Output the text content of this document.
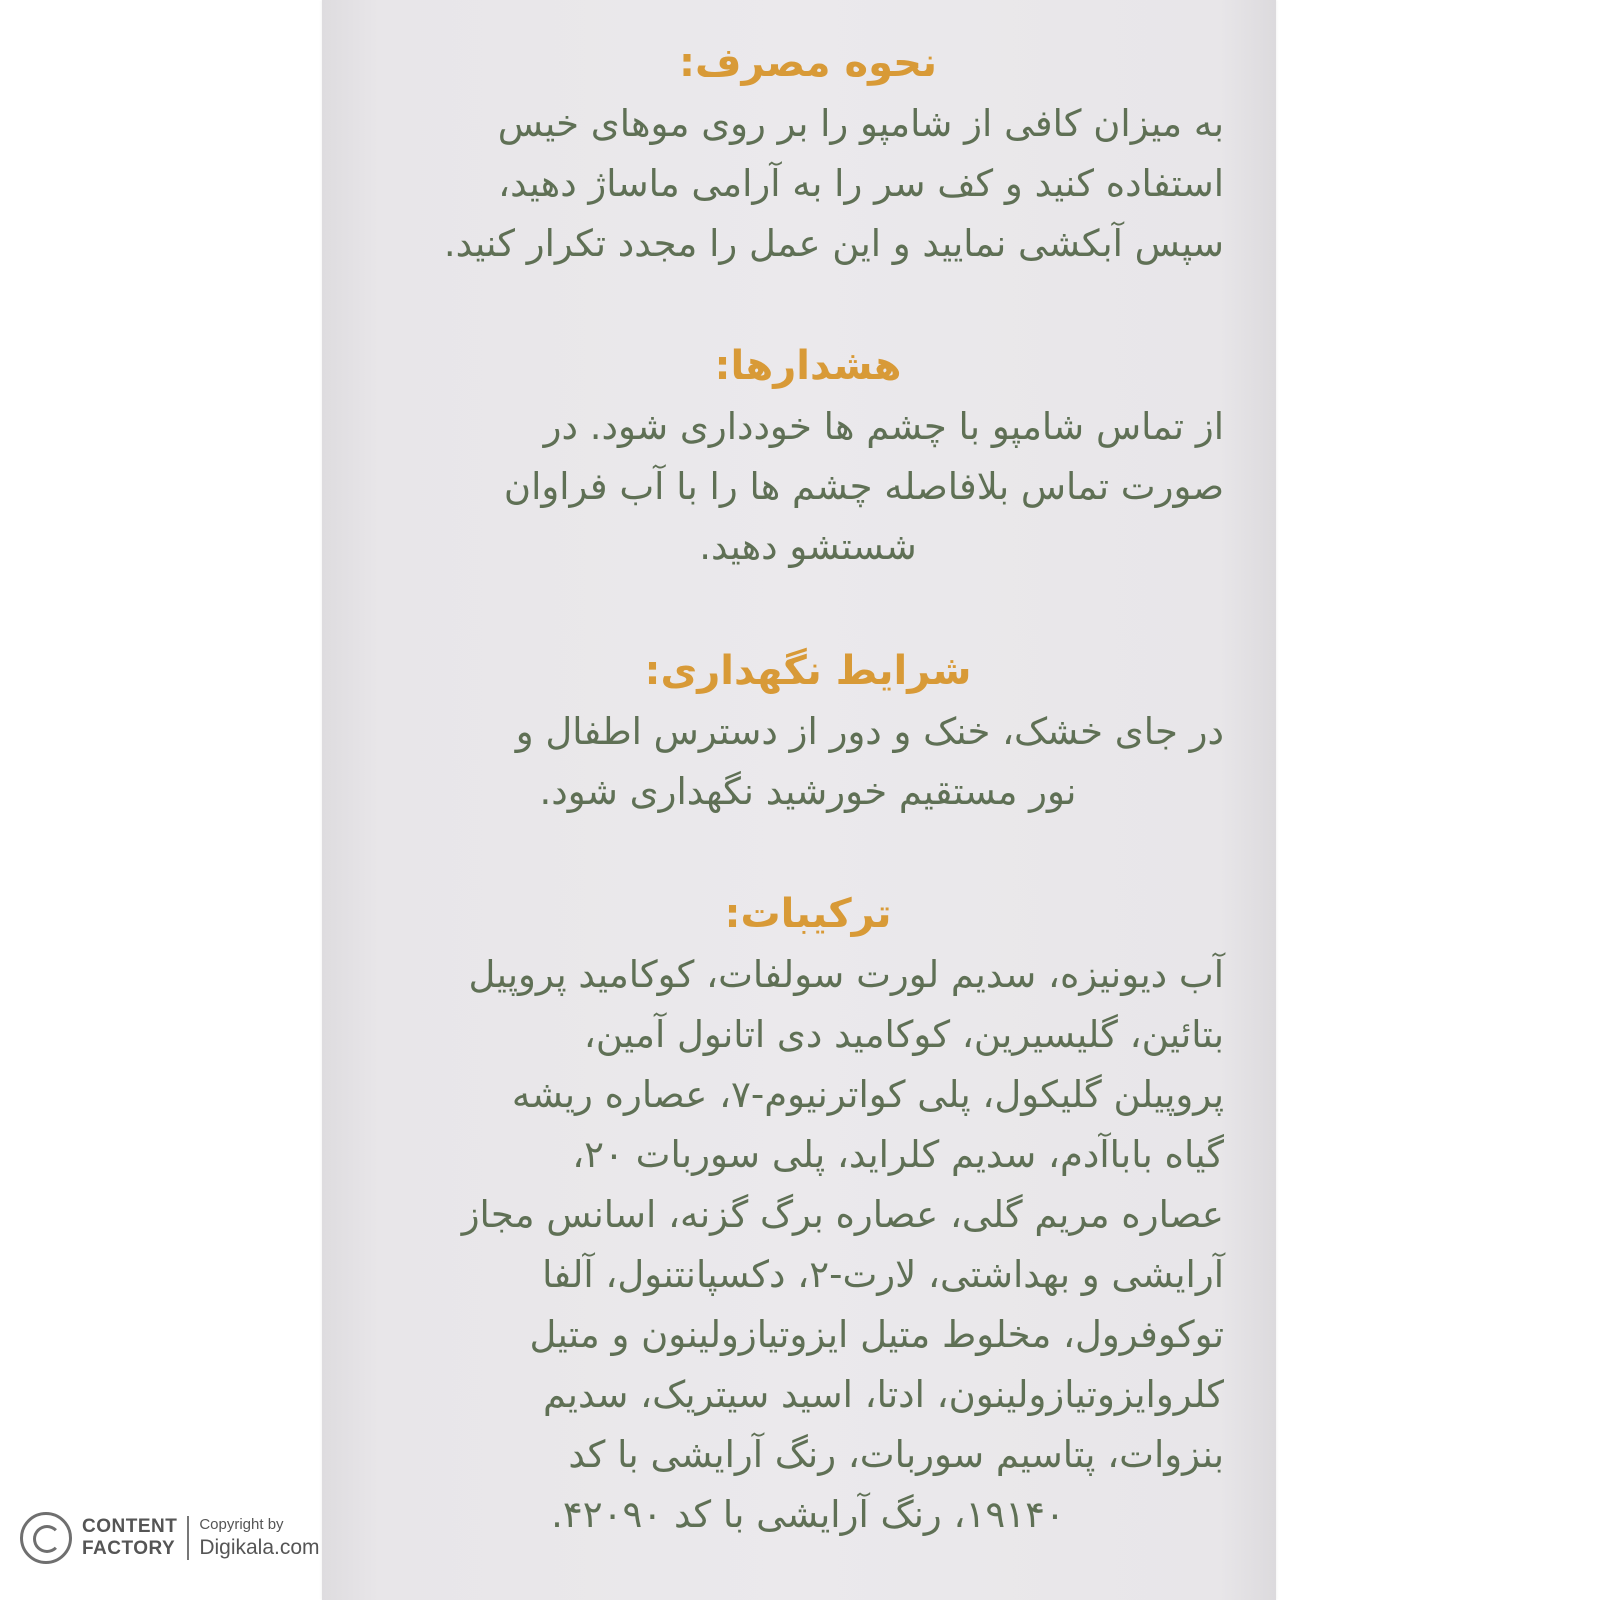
نحوه مصرف:

به میزان کافی از شامپو را بر روی موهای خیس
استفاده کنید و کف سر را به آرامی ماساژ دهید،
سپس آبکشی نمایید و این عمل را مجدد تکرار کنید.

هشدارها:

از تماس شامپو با چشم ها خودداری شود. در
صورت تماس بلافاصله چشم ها را با آب فراوان

شستشو دهید.

شرایط نگهداری:

در جای خشک، خنک و دور از دسترس اطفال و

نور مستقیم خورشید نگهداری شود.

ترکیبات:

آب دیونیزه، سدیم لورت سولفات، کوکامید پروپیل
بتائین، گلیسیرین، کوکامید دی اتانول آمین،
پروپیلن گلیکول، پلی کواترنیوم-۷، عصاره ریشه
گیاه باباآدم، سدیم کلراید، پلی سوربات ۲۰،
عصاره مریم گلی، عصاره برگ گزنه، اسانس مجاز
آرایشی و بهداشتی، لارت-۲، دکسپانتنول، آلفا
توکوفرول، مخلوط متیل ایزوتیازولینون و متیل
کلروایزوتیازولینون، ادتا، اسید سیتریک، سدیم
بنزوات، پتاسیم سوربات، رنگ آرایشی با کد

۱۹۱۴۰، رنگ آرایشی با کد ۴۲۰۹۰.

CONTENT
FACTORY
Copyright by
Digikala.com
